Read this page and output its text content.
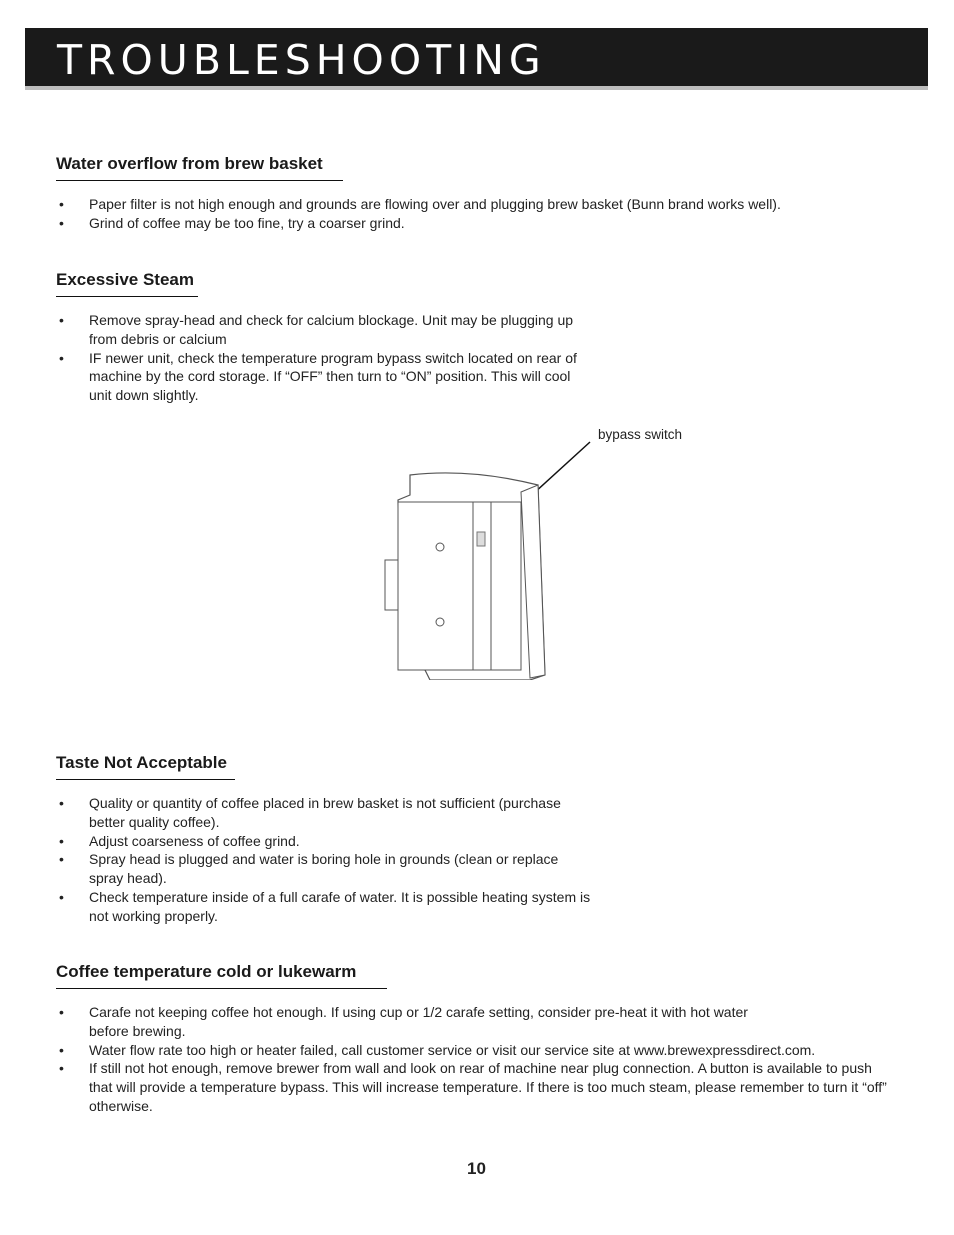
TROUBLESHOOTING
Water overflow from brew basket
• Paper filter is not high enough and grounds are flowing over and plugging brew basket (Bunn brand works well).
• Grind of coffee may be too fine, try a coarser grind.
Excessive Steam
• Remove spray-head and check for calcium blockage. Unit may be plugging up from debris or calcium
• IF newer unit, check the temperature program bypass switch located on rear of machine by the cord storage. If “OFF” then turn to “ON” position. This will cool unit down slightly.
bypass switch
Taste Not Acceptable
• Quality or quantity of coffee placed in brew basket is not sufficient (purchase better quality coffee).
• Adjust coarseness of coffee grind.
• Spray head is plugged and water is boring hole in grounds (clean or replace spray head).
• Check temperature inside of a full carafe of water. It is possible heating system is not working properly.
Coffee temperature cold or lukewarm
• Carafe not keeping coffee hot enough. If using cup or 1/2 carafe setting, consider pre-heat it with hot water before brewing.
• Water flow rate too high or heater failed, call customer service or visit our service site at www.brewexpressdirect.com.
• If still not hot enough, remove brewer from wall and look on rear of machine near plug connection. A button is available to push that will provide a temperature bypass. This will increase temperature. If there is too much steam, please remember to turn it “off” otherwise.
10
